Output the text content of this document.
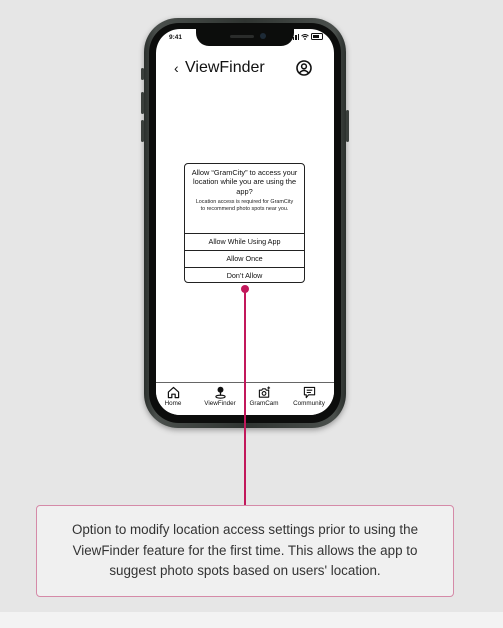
9:41
‹ ViewFinder
Home	ViewFinder	GramCam	Community
Allow “GramCity” to access your location while you are using the app?
Location access is required for GramCity to recommend photo spots near you.
Allow While Using App
Allow Once
Don’t Allow
Option to modify location access settings prior to using the ViewFinder feature for the first time. This allows the app to suggest photo spots based on users' location.
